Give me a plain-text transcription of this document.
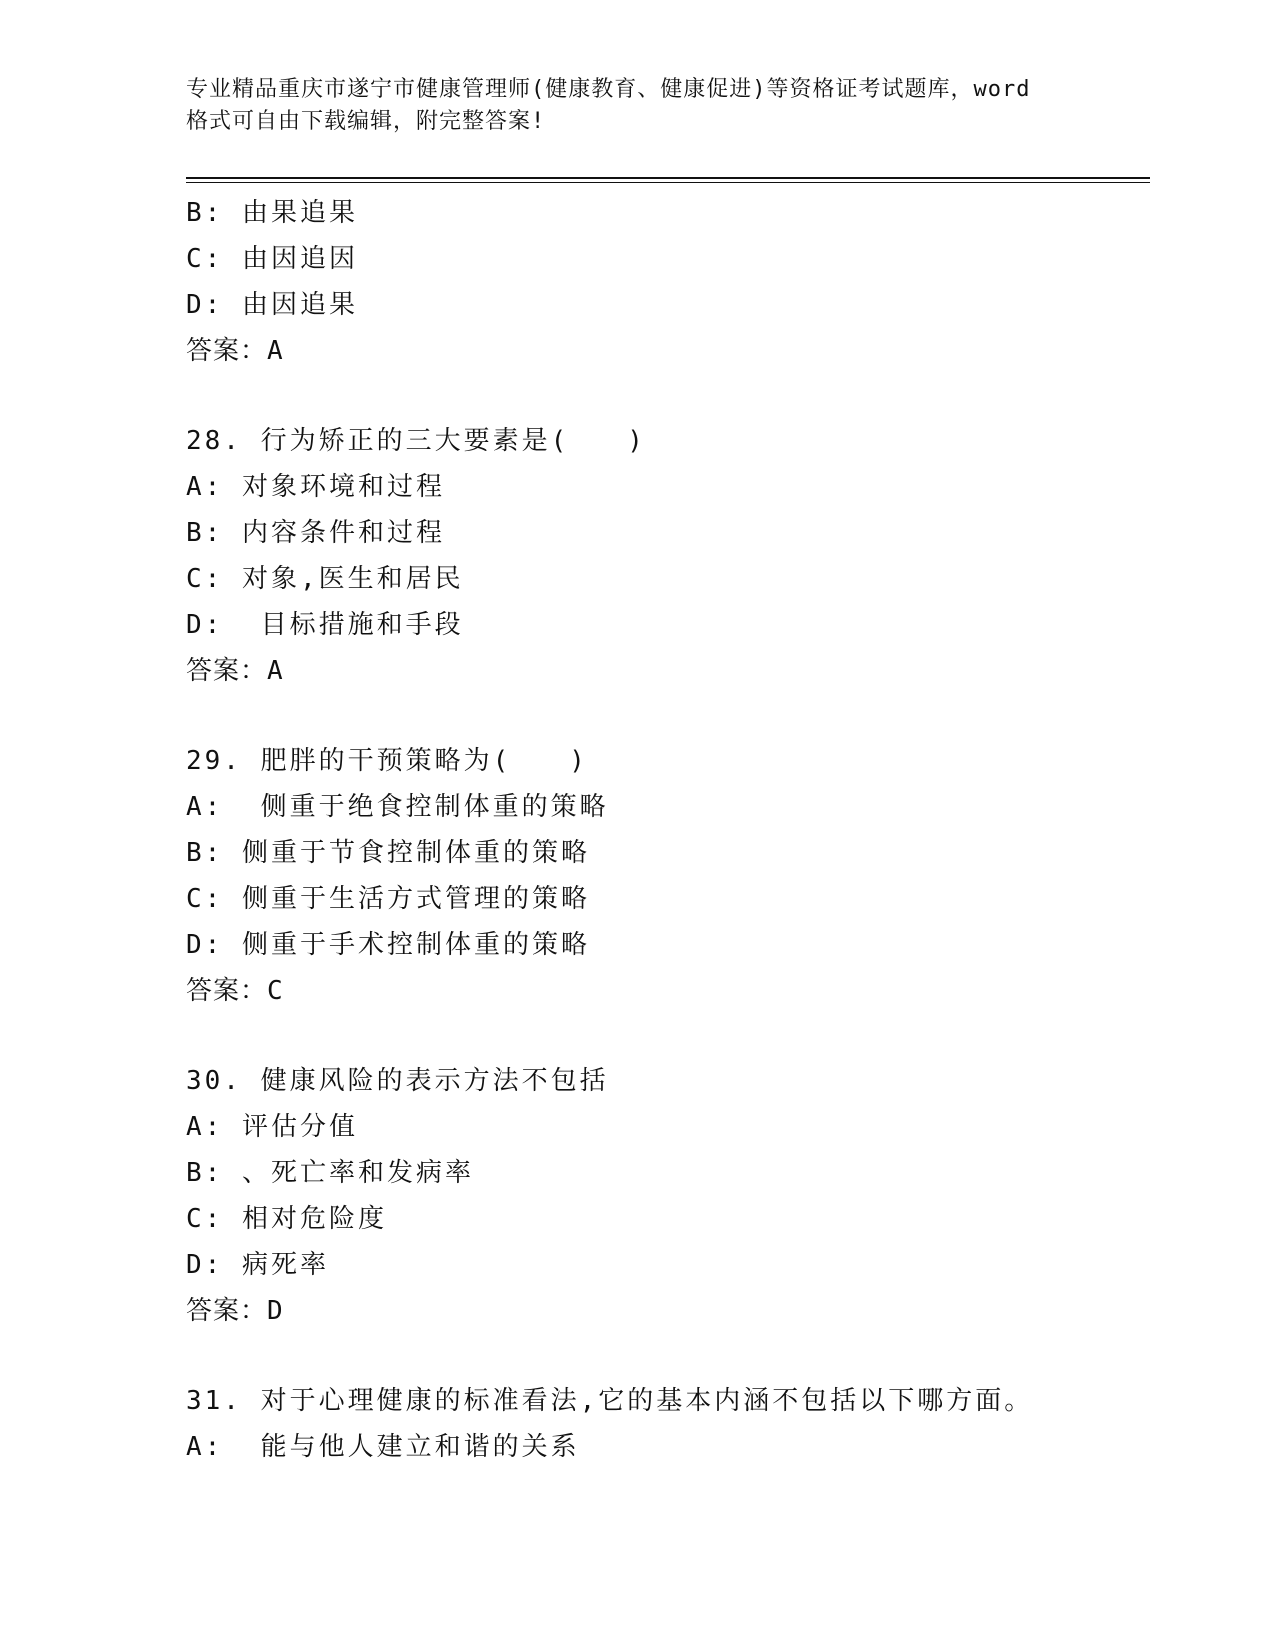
专业精品重庆市遂宁市健康管理师(健康教育、健康促进)等资格证考试题库，word
格式可自由下载编辑，附完整答案!
B: 由果追果
C: 由因追因
D: 由因追果
答案：A
28. 行为矫正的三大要素是(　　)
A: 对象环境和过程
B: 内容条件和过程
C: 对象,医生和居民
D:  目标措施和手段
答案：A
29. 肥胖的干预策略为(　　)
A:  侧重于绝食控制体重的策略
B: 侧重于节食控制体重的策略
C: 侧重于生活方式管理的策略
D: 侧重于手术控制体重的策略
答案：C
30. 健康风险的表示方法不包括
A: 评估分值
B: 、死亡率和发病率
C: 相对危险度
D: 病死率
答案：D
31. 对于心理健康的标准看法,它的基本内涵不包括以下哪方面。
A:  能与他人建立和谐的关系
